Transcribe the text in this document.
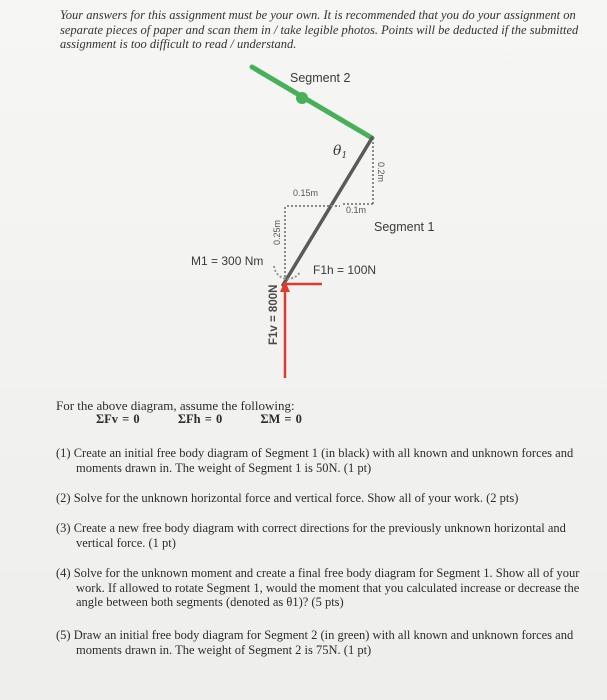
Your answers for this assignment must be your own. It is recommended that you do your assignment on separate pieces of paper and scan them in / take legible photos. Points will be deducted if the submitted assignment is too difficult to read / understand.
Segment 2
$\theta_1$
0.2m
0.15m
0.1m
Segment 1
0.25m
M1 = 300 Nm
F1h = 100N
F1v = 800N
For the above diagram, assume the following:
ΣFv = 0	ΣFh = 0	ΣM = 0
(1) Create an initial free body diagram of Segment 1 (in black) with all known and unknown forces and moments drawn in. The weight of Segment 1 is 50N. (1 pt)
(2) Solve for the unknown horizontal force and vertical force. Show all of your work. (2 pts)
(3) Create a new free body diagram with correct directions for the previously unknown horizontal and vertical force. (1 pt)
(4) Solve for the unknown moment and create a final free body diagram for Segment 1. Show all of your work. If allowed to rotate Segment 1, would the moment that you calculated increase or decrease the angle between both segments (denoted as θ1)? (5 pts)
(5) Draw an initial free body diagram for Segment 2 (in green) with all known and unknown forces and moments drawn in. The weight of Segment 2 is 75N. (1 pt)
